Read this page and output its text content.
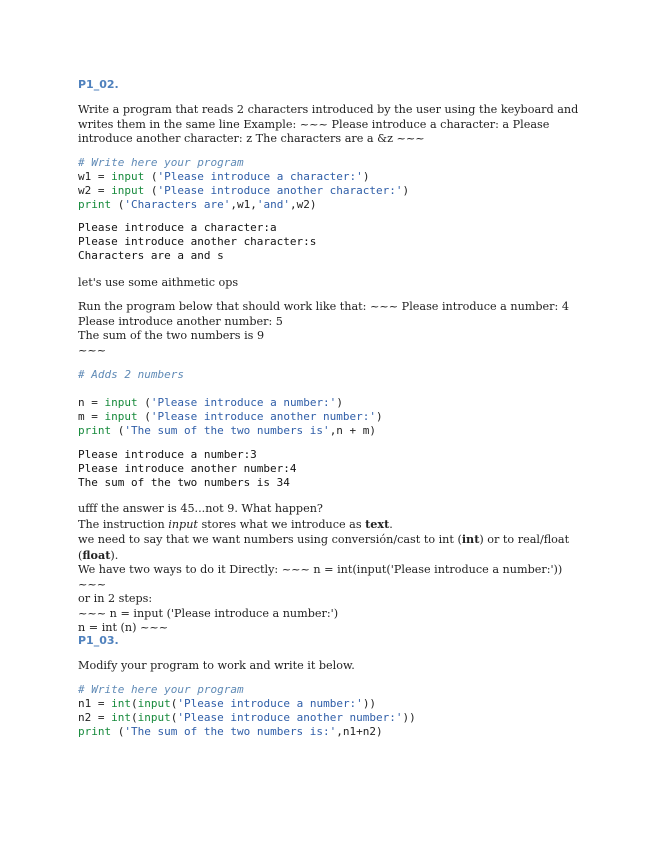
P1_02.

Write a program that reads 2 characters introduced by the user using the keyboard and writes them in the same line Example: ~~~ Please introduce a character: a Please introduce another character: z The characters are a &z ~~~

# Write here your program
w1 = input ('Please introduce a character:')
w2 = input ('Please introduce another character:')
print ('Characters are',w1,'and',w2)
Please introduce a character:a
Please introduce another character:s
Characters are a and s

let's use some aithmetic ops

Run the program below that should work like that: ~~~ Please introduce a number: 4

Please introduce another number: 5

The sum of the two numbers is 9

~~~

# Adds 2 numbers
n = input ('Please introduce a number:')
m = input ('Please introduce another number:')
print ('The sum of the two numbers is',n + m)
Please introduce a number:3
Please introduce another number:4
The sum of the two numbers is 34

ufff the answer is 45...not 9. What happen?

The instruction input stores what we introduce as text.

we need to say that we want numbers using conversión/cast to int (int) or to real/float

(float).

We have two ways to do it Directly: ~~~ n = int(input('Please introduce a number:')) ~~~

or in 2 steps:

~~~ n = input ('Please introduce a number:')

n = int (n) ~~~

P1_03.

Modify your program to work and write it below.

# Write here your program
n1 = int(input('Please introduce a number:'))
n2 = int(input('Please introduce another number:'))
print ('The sum of the two numbers is:',n1+n2)
